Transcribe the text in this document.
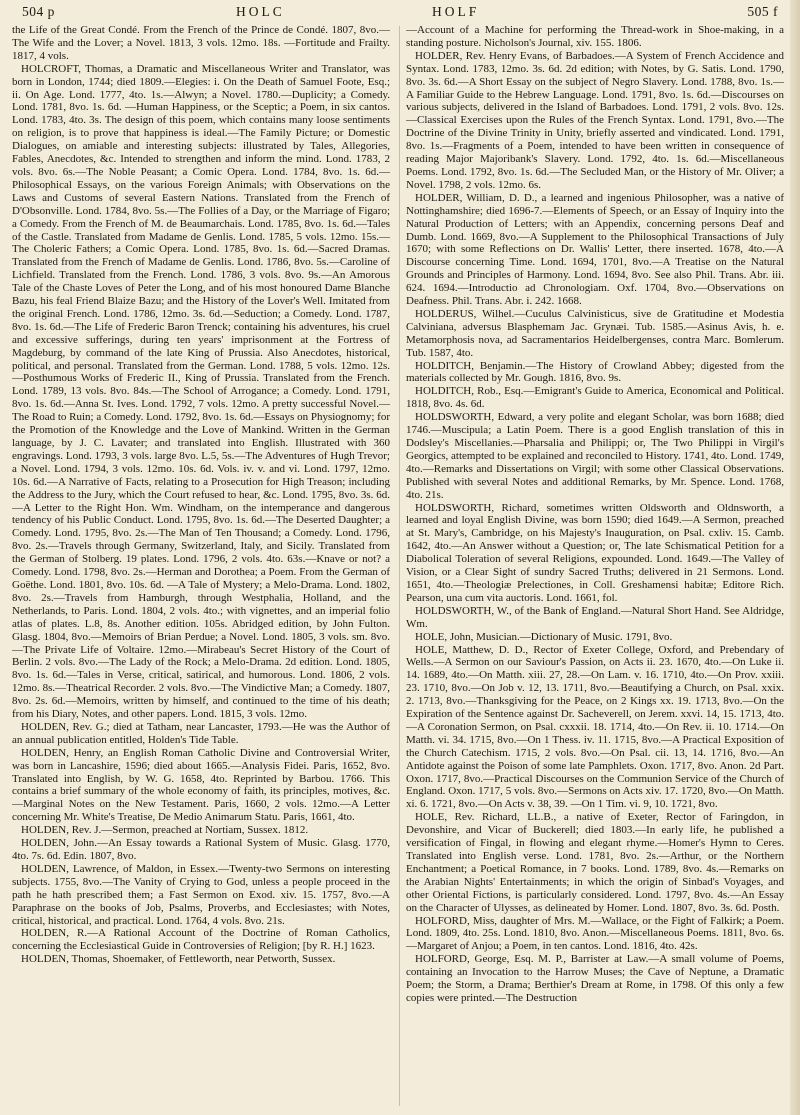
504 p	HOLC	HOLF	505 f

the Life of the Great Condé. From the French of the Prince de Condé. 1807, 8vo.—The Wife and the Lover; a Novel. 1813, 3 vols. 12mo. 18s. —Fortitude and Frailty. 1817, 4 vols.

HOLCROFT, Thomas, a Dramatic and Miscellaneous Writer and Translator, was born in London, 1744; died 1809.—Elegies: i. On the Death of Samuel Foote, Esq.; ii. On Age. Lond. 1777, 4to. 1s.—Alwyn; a Novel. 1780.—Duplicity; a Comedy. Lond. 1781, 8vo. 1s. 6d. —Human Happiness, or the Sceptic; a Poem, in six cantos. Lond. 1783, 4to. 3s. The design of this poem, which contains many loose sentiments on religion, is to prove that happiness is ideal.—The Family Picture; or Domestic Dialogues, on amiable and interesting subjects: illustrated by Tales, Allegories, Fables, Anecdotes, &c. Intended to strengthen and inform the mind. Lond. 1783, 2 vols. 8vo. 6s.—The Noble Peasant; a Comic Opera. Lond. 1784, 8vo. 1s. 6d.—Philosophical Essays, on the various Foreign Animals; with Observations on the Laws and Customs of several Eastern Nations. Translated from the French of D'Obsonville. Lond. 1784, 8vo. 5s.—The Follies of a Day, or the Marriage of Figaro; a Comedy. From the French of M. de Beaumarchais. Lond. 1785, 8vo. 1s. 6d.—Tales of the Castle. Translated from Madame de Genlis. Lond. 1785, 5 vols. 12mo. 15s.—The Choleric Fathers; a Comic Opera. Lond. 1785, 8vo. 1s. 6d.—Sacred Dramas. Translated from the French of Madame de Genlis. Lond. 1786, 8vo. 5s.—Caroline of Lichfield. Translated from the French. Lond. 1786, 3 vols. 8vo. 9s.—An Amorous Tale of the Chaste Loves of Peter the Long, and of his most honoured Dame Blanche Bazu, his feal Friend Blaize Bazu; and the History of the Lover's Well. Imitated from the original French. Lond. 1786, 12mo. 3s. 6d.—Seduction; a Comedy. Lond. 1787, 8vo. 1s. 6d.—The Life of Frederic Baron Trenck; containing his adventures, his cruel and excessive sufferings, during ten years' imprisonment at the Fortress of Magdeburg, by command of the late King of Prussia. Also Anecdotes, historical, political, and personal. Translated from the German. Lond. 1788, 5 vols. 12mo. 12s.—Posthumous Works of Frederic II., King of Prussia. Translated from the French. Lond. 1789, 13 vols. 8vo. 84s.—The School of Arrogance; a Comedy. Lond. 1791, 8vo. 1s. 6d.—Anna St. Ives. Lond. 1792, 7 vols. 12mo. A pretty successful Novel.—The Road to Ruin; a Comedy. Lond. 1792, 8vo. 1s. 6d.—Essays on Physiognomy; for the Promotion of the Knowledge and the Love of Mankind. Written in the German language, by J. C. Lavater; and translated into English. Illustrated with 360 engravings. Lond. 1793, 3 vols. large 8vo. L.5, 5s.—The Adventures of Hugh Trevor; a Novel. Lond. 1794, 3 vols. 12mo. 10s. 6d. Vols. iv. v. and vi. Lond. 1797, 12mo. 10s. 6d.—A Narrative of Facts, relating to a Prosecution for High Treason; including the Address to the Jury, which the Court refused to hear, &c. Lond. 1795, 8vo. 3s. 6d.—A Letter to the Right Hon. Wm. Windham, on the intemperance and dangerous tendency of his Public Conduct. Lond. 1795, 8vo. 1s. 6d.—The Deserted Daughter; a Comedy. Lond. 1795, 8vo. 2s.—The Man of Ten Thousand; a Comedy. Lond. 1796, 8vo. 2s.—Travels through Germany, Switzerland, Italy, and Sicily. Translated from the German of Stolberg. 19 plates. Lond. 1796, 2 vols. 4to. 63s.—Knave or not? a Comedy. Lond. 1798, 8vo. 2s.—Herman and Dorothea; a Poem. From the German of Goëthe. Lond. 1801, 8vo. 10s. 6d. —A Tale of Mystery; a Melo-Drama. Lond. 1802, 8vo. 2s.—Travels from Hamburgh, through Westphalia, Holland, and the Netherlands, to Paris. Lond. 1804, 2 vols. 4to.; with vignettes, and an imperial folio atlas of plates. L.8, 8s. Another edition. 105s. Abridged edition, by John Fulton. Glasg. 1804, 8vo.—Memoirs of Brian Perdue; a Novel. Lond. 1805, 3 vols. sm. 8vo.—The Private Life of Voltaire. 12mo.—Mirabeau's Secret History of the Court of Berlin. 2 vols. 8vo.—The Lady of the Rock; a Melo-Drama. 2d edition. Lond. 1805, 8vo. 1s. 6d.—Tales in Verse, critical, satirical, and humorous. Lond. 1806, 2 vols. 12mo. 8s.—Theatrical Recorder. 2 vols. 8vo.—The Vindictive Man; a Comedy. 1807, 8vo. 2s. 6d.—Memoirs, written by himself, and continued to the time of his death; from his Diary, Notes, and other papers. Lond. 1815, 3 vols. 12mo.

HOLDEN, Rev. G.; died at Tatham, near Lancaster, 1793.—He was the Author of an annual publication entitled, Holden's Tide Table.

HOLDEN, Henry, an English Roman Catholic Divine and Controversial Writer, was born in Lancashire, 1596; died about 1665.—Analysis Fidei. Paris, 1652, 8vo. Translated into English, by W. G. 1658, 4to. Reprinted by Barbou. 1766. This contains a brief summary of the whole economy of faith, its principles, motives, &c.—Marginal Notes on the New Testament. Paris, 1660, 2 vols. 12mo.—A Letter concerning Mr. White's Treatise, De Medio Animarum Statu. Paris, 1661, 4to.

HOLDEN, Rev. J.—Sermon, preached at Nortiam, Sussex. 1812.

HOLDEN, John.—An Essay towards a Rational System of Music. Glasg. 1770, 4to. 7s. 6d. Edin. 1807, 8vo.

HOLDEN, Lawrence, of Maldon, in Essex.—Twenty-two Sermons on interesting subjects. 1755, 8vo.—The Vanity of Crying to God, unless a people proceed in the path he hath prescribed them; a Fast Sermon on Exod. xiv. 15. 1757, 8vo.—A Paraphrase on the books of Job, Psalms, Proverbs, and Ecclesiastes; with Notes, critical, historical, and practical. Lond. 1764, 4 vols. 8vo. 21s.

HOLDEN, R.—A Rational Account of the Doctrine of Roman Catholics, concerning the Ecclesiastical Guide in Controversies of Religion; [by R. H.] 1623.

HOLDEN, Thomas, Shoemaker, of Fettleworth, near Petworth, Sussex.

—Account of a Machine for performing the Thread-work in Shoe-making, in a standing posture. Nicholson's Journal, xiv. 155. 1806.

HOLDER, Rev. Henry Evans, of Barbadoes.—A System of French Accidence and Syntax. Lond. 1783, 12mo. 3s. 6d. 2d edition; with Notes, by G. Satis. Lond. 1790, 8vo. 3s. 6d.—A Short Essay on the subject of Negro Slavery. Lond. 1788, 8vo. 1s.—A Familiar Guide to the Hebrew Language. Lond. 1791, 8vo. 1s. 6d.—Discourses on various subjects, delivered in the Island of Barbadoes. Lond. 1791, 2 vols. 8vo. 12s. —Classical Exercises upon the Rules of the French Syntax. Lond. 1791, 8vo.—The Doctrine of the Divine Trinity in Unity, briefly asserted and vindicated. Lond. 1791, 8vo. 1s.—Fragments of a Poem, intended to have been written in consequence of reading Major Majoribank's Slavery. Lond. 1792, 4to. 1s. 6d.—Miscellaneous Poems. Lond. 1792, 8vo. 1s. 6d.—The Secluded Man, or the History of Mr. Oliver; a Novel. 1798, 2 vols. 12mo. 6s.

HOLDER, William, D. D., a learned and ingenious Philosopher, was a native of Nottinghamshire; died 1696-7.—Elements of Speech, or an Essay of Inquiry into the Natural Production of Letters; with an Appendix, concerning persons Deaf and Dumb. Lond. 1669, 8vo.—A Supplement to the Philosophical Transactions of July 1670; with some Reflections on Dr. Wallis' Letter, there inserted. 1678, 4to.—A Discourse concerning Time. Lond. 1694, 1701, 8vo.—A Treatise on the Natural Grounds and Principles of Harmony. Lond. 1694, 8vo. See also Phil. Trans. Abr. iii. 624. 1694.—Introductio ad Chronologiam. Oxf. 1704, 8vo.—Observations on Deafness. Phil. Trans. Abr. i. 242. 1668.

HOLDERUS, Wilhel.—Cuculus Calvinisticus, sive de Gratitudine et Modestia Calviniana, adversus Blasphemam Jac. Grynæi. Tub. 1585.—Asinus Avis, h. e. Metamorphosis nova, ad Sacramentarios Heidelbergenses, contra Marc. Bomlerum. Tub. 1587, 4to.

HOLDITCH, Benjamin.—The History of Crowland Abbey; digested from the materials collected by Mr. Gough. 1816, 8vo. 9s.

HOLDITCH, Rob., Esq.—Emigrant's Guide to America, Economical and Political. 1818, 8vo. 4s. 6d.

HOLDSWORTH, Edward, a very polite and elegant Scholar, was born 1688; died 1746.—Muscipula; a Latin Poem. There is a good English translation of this in Dodsley's Miscellanies.—Pharsalia and Philippi; or, The Two Philippi in Virgil's Georgics, attempted to be explained and reconciled to History. 1741, 4to. Lond. 1749, 4to.—Remarks and Dissertations on Virgil; with some other Classical Observations. Published with several Notes and additional Remarks, by Mr. Spence. Lond. 1768, 4to. 21s.

HOLDSWORTH, Richard, sometimes written Oldsworth and Oldnsworth, a learned and loyal English Divine, was born 1590; died 1649.—A Sermon, preached at St. Mary's, Cambridge, on his Majesty's Inauguration, on Psal. cxliv. 15. Camb. 1642, 4to.—An Answer without a Question; or, The late Schismatical Petition for a Diabolical Toleration of several Religions, expounded. Lond. 1649.—The Valley of Vision, or a Clear Sight of sundry Sacred Truths; delivered in 21 Sermons. Lond. 1651, 4to.—Theologiæ Prelectiones, in Coll. Greshamensi habitæ; Editore Rich. Pearson, una cum vita auctoris. Lond. 1661, fol.

HOLDSWORTH, W., of the Bank of England.—Natural Short Hand. See Aldridge, Wm.

HOLE, John, Musician.—Dictionary of Music. 1791, 8vo.

HOLE, Matthew, D. D., Rector of Exeter College, Oxford, and Prebendary of Wells.—A Sermon on our Saviour's Passion, on Acts ii. 23. 1670, 4to.—On Luke ii. 14. 1689, 4to.—On Matth. xiii. 27, 28.—On Lam. v. 16. 1710, 4to.—On Prov. xxiii. 23. 1710, 8vo.—On Job v. 12, 13. 1711, 8vo.—Beautifying a Church, on Psal. xxix. 2. 1713, 8vo.—Thanksgiving for the Peace, on 2 Kings xx. 19. 1713, 8vo.—On the Expiration of the Sentence against Dr. Sacheverell, on Jerem. xxvi. 14, 15. 1713, 4to.—A Coronation Sermon, on Psal. cxxxii. 18. 1714, 4to.—On Rev. ii. 10. 1714.—On Matth. vi. 34. 1715, 8vo.—On 1 Thess. iv. 11. 1715, 8vo.—A Practical Exposition of the Church Catechism. 1715, 2 vols. 8vo.—On Psal. cii. 13, 14. 1716, 8vo.—An Antidote against the Poison of some late Pamphlets. Oxon. 1717, 8vo. Anon. 2d Part. Oxon. 1717, 8vo.—Practical Discourses on the Communion Service of the Church of England. Oxon. 1717, 5 vols. 8vo.—Sermons on Acts xiv. 17. 1720, 8vo.—On Matth. xi. 6. 1721, 8vo.—On Acts v. 38, 39. —On 1 Tim. vi. 9, 10. 1721, 8vo.

HOLE, Rev. Richard, LL.B., a native of Exeter, Rector of Faringdon, in Devonshire, and Vicar of Buckerell; died 1803.—In early life, he published a versification of Fingal, in flowing and elegant rhyme.—Homer's Hymn to Ceres. Translated into English verse. Lond. 1781, 8vo. 2s.—Arthur, or the Northern Enchantment; a Poetical Romance, in 7 books. Lond. 1789, 8vo. 4s.—Remarks on the Arabian Nights' Entertainments; in which the origin of Sinbad's Voyages, and other Oriental Fictions, is particularly considered. Lond. 1797, 8vo. 4s.—An Essay on the Character of Ulysses, as delineated by Homer. Lond. 1807, 8vo. 3s. 6d. Posth.

HOLFORD, Miss, daughter of Mrs. M.—Wallace, or the Fight of Falkirk; a Poem. Lond. 1809, 4to. 25s. Lond. 1810, 8vo. Anon.—Miscellaneous Poems. 1811, 8vo. 6s.—Margaret of Anjou; a Poem, in ten cantos. Lond. 1816, 4to. 42s.

HOLFORD, George, Esq. M. P., Barrister at Law.—A small volume of Poems, containing an Invocation to the Harrow Muses; the Cave of Neptune, a Dramatic Poem; the Storm, a Drama; Berthier's Dream at Rome, in 1798. Of this only a few copies were printed.—The Destruction
